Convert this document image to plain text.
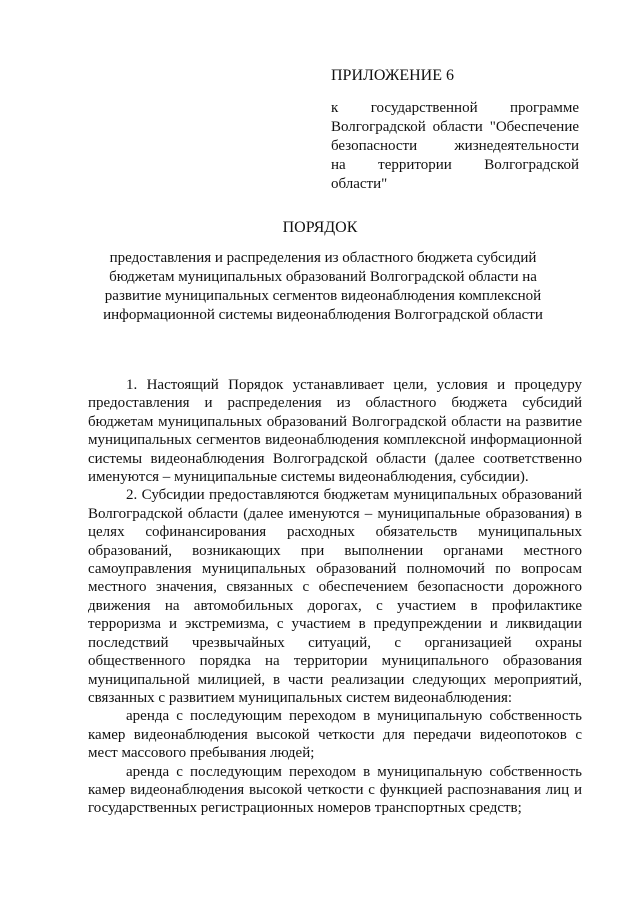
ПРИЛОЖЕНИЕ 6

к государственной программе
Волгоградской области "Обеспечение
безопасности жизнедеятельности

на территории Волгоградской области"

ПОРЯДОК

предоставления и распределения из областного бюджета субсидий бюджетам муниципальных образований Волгоградской области на развитие муниципальных сегментов видеонаблюдения комплексной информационной системы видеонаблюдения Волгоградской области

1. Настоящий Порядок устанавливает цели, условия и процедуру предоставления и распределения из областного бюджета субсидий бюджетам муниципальных образований Волгоградской области на развитие муниципальных сегментов видеонаблюдения комплексной информационной системы видеонаблюдения Волгоградской области (далее соответственно именуются – муниципальные системы видеонаблюдения, субсидии).

2. Субсидии предоставляются бюджетам муниципальных образований Волгоградской области (далее именуются – муниципальные образования) в целях софинансирования расходных обязательств муниципальных образований, возникающих при выполнении органами местного самоуправления муниципальных образований полномочий по вопросам местного значения, связанных с обеспечением безопасности дорожного движения на автомобильных дорогах, с участием в профилактике терроризма и экстремизма, с участием в предупреждении и ликвидации последствий чрезвычайных ситуаций, с организацией охраны общественного порядка на территории муниципального образования муниципальной милицией, в части реализации следующих мероприятий, связанных с развитием муниципальных систем видеонаблюдения:

аренда с последующим переходом в муниципальную собственность камер видеонаблюдения высокой четкости для передачи видеопотоков с мест массового пребывания людей;

аренда с последующим переходом в муниципальную собственность камер видеонаблюдения высокой четкости с функцией распознавания лиц и государственных регистрационных номеров транспортных средств;
